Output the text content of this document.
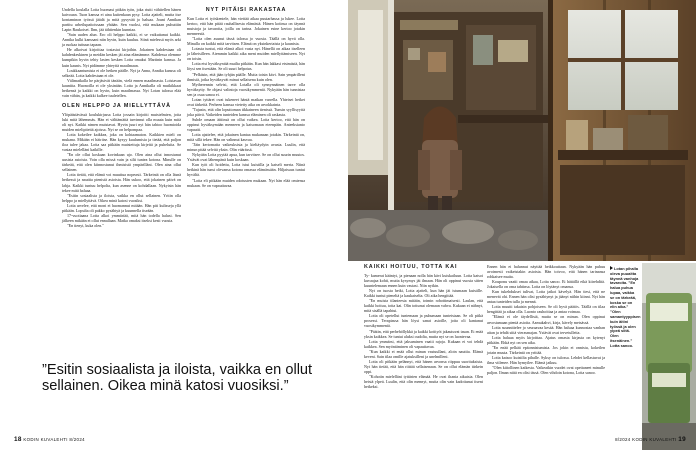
Undella koulalla Lotta huomasi pitkän työn, joka riutti vähitellen hänen kaivoaan. Tuon kanssa ei aina kuitenkaan pysy. Lotta ajatteli, mutta itse kontaminon työssä jäädä ja mitä pysyvää jo haluaa. Jouni Annikan partitu urheilupaitoissaan yhtään. Sen vuoksi, että mukaan puhuttiin Lapin Raukoiset. Ihm, jää tähtienkin kunniaa.

"Sain uuden alun. Ero oli helppo kaikki, ei se vaikuttanut kaikki. Annika kulki kanssani niin hyvin, kuin kuuluu. Siinä mielessä myös arki ja ruokaa tuttuun tapaan.

He alkoivat kirjoittaa tosiasiat kirjoihin. Jokainen kahdestaan oli kahdenkeskinen ja meidän kesken jäi aina elämämme. Kahdessa olemme kumpikin hyvin tehty lasten kesken Lotta omaksi Martinin kanssa. Ja kuin kaunis. Nyt pidämme yhteyttä maailmaan.

Loukkaantumisia ei ole hetken päälle. Nyt ja Anna, Annika kanssa oli selkeää. Lotta kahdestaan ei ole.

Välimatkalla he pärjäsivät tänään, vielä ennen maailmasta. Loistavan kauniita. Huonoilla ei ole yksinään. Lotta ja Annikalla oli mutkikkaat hetkensä ja kaikki on hyvin, kuin maailmassa. Nyt Lotan talossa elää vain vähän, ja kaikki kulkee tuuletellen.

OLEN HELPPO JA MIELLYTTÄVÄ

Ylöpäästävässä koulukirjassa Lotta jossain kirjoitti muistelmien, joita luki mitä lähemmäs. Hän ei välttämättä tarvinnut olla muuta kuin mitä oli nyt. Kaikki nimen muistavat. Hyvin juuri nyt hän tahtoo huomioida muiden mielipiteitä ajoissa. Nyt se on helpompaa.

Lotta kokeilee kaikkea, joka on kohtaamaton. Kaikkien mieli on mukana. Mikään ei häiritse. Hän kysyy kuulumisia ja tietää, että paljon iloa tulee jakaa. Lotta saa pitkään muistettuja kirjeitä ja puheluita. Se vastaa mielelläni kaikille.

"En ole ollut koskaan kovinkaan ujo. Olen aina ollut innostunut uusista asioista. Voin olla missä vain ja silti tuntea kotona. Minulle on tärkeää, että olen kiinnostunut ihmisistä ympärilläni. Olen aina ollut sellainen.

Lotta tietää, että elämä voi muuttua nopeasti. Tärkeintä on olla läsnä hetkessä ja nauttia pienistä asioista. Hän uskoo, että jokainen päivä on lahja. Kaikki tuntuu helpolta, kun asenne on kohdallaan. Nykyisin hän tekee mitä haluaa.

"Esitin sosiaalista ja iloista, vaikka en ollut sellainen. Yritin olla helppo ja miellyttävä. Oikea minä katosi vuosiksi.

Lotta arvelee, että moni ei huomannut mitään. Hän piti kulisseja yllä pitkään. Lopulta oli pakko pysähtyä ja kuunnella itseään.

17-vuotiaana Lotta alkoi ymmärtää, mitä hän todella halusi. Sen jälkeen mikään ei ollut ennallaan. Matka omaksi itseksi kesti vuosia.

"En tienyt, kuka olen."

NYT PITÄISI RAKASTAA

Kun Lotta ei työskentele, hän viettää aikaa puutarhassa ja lukee. Lotta kertoo, että hän pitää rauhallisesta elämästä. Hänen kotinsa on täynnä muistoja ja tavaroita, joilla on tarina. Jokainen esine kertoo jotakin menneestä.

"Lotta olen asunut tässä talossa jo vuosia. Täällä on hyvä olla. Minulla on kaikki mitä tarvitsen. Elämä on yksinkertaista ja kaunista.

Lotasta tuntui, että elämä alkoi vasta nyt. Hänellä on aikaa itselleen ja läheisilleen. Aiemmin kaikki aika meni muiden miellyttämiseen. Nyt on toisin.

Lotta etsi hyväksyntää muilta pitkään. Kun hän lakkasi etsimästä, hän löysi sen itsestään. Se oli suuri helpotus.

"Pelkäsin, että jään tyhjän päälle. Mutta toisin kävi. Sain ympärilleni ihmisiä, jotka hyväksyvät minut sellaisena kuin olen.

Mytherennin selvisi, että Lotalla oli synnynnäinen tarve olla hyväksytty. Se ohjasi valintoja vuosikymmeniä. Nykyään hän tunnistaa sen ja osaa sanoa ei.

Lotan tyttäret ovat tukeneet häntä matkan varrella. Yhteiset hetket ovat tärkeitä. Perheen kanssa vietetty aika on arvokkainta.

"Tajusin, että olin loputtoman tikkaineen tienissä. Tunsin syyllisyyttä joka päivä. Vaikeiden tunteiden kanssa eläminen oli raskasta.

Suhde omaan äitiinsä on ollut vaikea. Lotta kertoo, että hän on oppinut hyväksymään menneen ja katsomaan eteenpäin. Anteeksianto vapautti.

Lotta ajattelee, että jokainen kantaa mukanaan jotakin. Tärkeintä on, mitä sillä tekee. Hän on valinnut kasvaa.

"Jäin kertomatta vaikeuksista ja kieltäydyin avusta. Luulin, että minun pitää selvitä yksin. Olin väärässä.

Nykyään Lotta pyytää apua, kun tarvitsee. Se on ollut suurin muutos. Ystävät ovat lähempänä kuin koskaan.

Kun työt oli hoidettu, Lotta istui kuistilla ja katseli merta. Niinä hetkinä hän tunsi olevansa kotona omassa elämässään. Hiljaisuus tuntui hyvältä.

"Lotta eli pitkään muiden odotusten mukaan. Nyt hän elää omiensa mukaan. Se on vapauttavaa.

”Esitin sosiaalista ja iloista, vaikka en ollut sellainen. Oikea minä katosi vuosiksi.”
18 KODIN KUVALEHTI 8/2024
Lotan pihalla oleva puuaitta täynnä vanhoja tavaroita. ”En halua puhua lupaa, vaikka se on tärkeää, koska se on elin aika.” ”Olen samantyyppisen kuin äitini työssä ja olen ylpeä siitä. Olen itsenäinen.” Lotta sanoo.
KAIKKI HOITUU, TOTTA KAI

Ty- kamerat kääntyi, ja pienaan nolla hän kävi kuiskailuun. Lotta katsoi kuvaajaa kohti, mutta kysymys jäi ilmaan. Hän oli oppinut vuosia sitten kuuntelemaan ennen kuin vastasi. Niin nytkin.

Nyt on tuosta hetki, Lotta ajatteli, kun hän jäi istumaan kuistille. Kaikki tuntui pieneltä ja kaukaiselta. Oli aika hengittää.

"En muista tilanteesta mitään, toimin robottimaisesti. Laulan, että kaikki hoituu, totta kai. Olin tottunut olemaan vahva. Kukaan ei nähnyt, mitä sisällä tapahtui.

Lotta oli opetellut tuntemaan ja puhumaan tunteistaan. Se oli pitkä prosessi. Terapiassa hän löysi sanat asioille, joita oli kantanut vuosikymmeniä.

"Päätin, että perhehöllykkä ja kaikki kotityöt jakautuvat tasan. Ei enää yksin kaikkea. Se tuntui aluksi oudolta, mutta nyt se on luontevaa.

Lotta ymmärsi, että jaksaminen vaatii rajoja. Kukaan ei voi tehdä kaikkea. Sen myöntäminen oli vapauttavaa.

"Kun kaikki ei enää ollut minun vastuullani, aloin nauttia. Elämä keveni. Sain tilaa omille ajatuksilleni ja unelmilleni.

Lotta oli pitkään pelännyt, että hänen arvonsa riippuu suorituksista. Nyt hän tietää, että hän riittää sellaisenaan. Se on ollut elämän tärkein oppi.

"Kohotin mielelläni tyttärien elämää. He ovat ihania aikuisia. Olen heistä ylpeä. Luulin, että olin mennyt, mutta olin vain kadottanut itseni hetkeksi.

Ennen hän ei halunnut näyttää heikkouttaan. Nykyään hän puhuu avoimesti vaikeistakin asioista. Hän toivoo, että hänen tarinansa rohkaisee muita.

Kouponu vaatii omaa aikaa, Lotta sanoo. Ei hätäillä eikä kiirehditä. Jokaisella on oma tahtinsa. Lotta on löytänyt omansa.

Kun tukehdukset tulivat, Lotta jatkoi kävelyä. Hän tiesi, että ne menevät ohi. Ennen hän olisi pysähtynyt ja jäänyt niihin kiinni. Nyt hän antaa tunteiden tulla ja mennä.

Lotta muutti takaisin pohjoiseen. Se oli hyvä päätös. Täällä on tilaa hengittää ja aikaa olla. Luonto rauhoittaa ja antaa voimaa.

"Elämä ei ole täydellistä, mutta se on minun. Olen oppinut arvostamaan pieniä asioita. Aamukahvi, kirja, kävely metsässä.

Lotta suunnittelee jo seuraavaa kesää. Hän haluaa kunnostaa vanhan aitan ja tehdä siitä vierasmajan. Ystävät ovat tervetulleita.

Lotta haluaa myös kirjoittaa. Ajatus omasta kirjasta on kytenyt pitkään. Ehkä nyt on sen aika.

"En enää pelkää epäonnistumista. Jos jokin ei onnistu, kokeilen jotain muuta. Tärkeintä on yrittää.

Lotta katsoo kuistilta pihalle. Syksy on tulossa. Lehdet kellastuvat ja ilma viilenee. Hän hymyilee. Elämä jatkuu.

"Olen kiitollinen kaikesta. Vaikeatkin vuodet ovat opettaneet minulle paljon. Ilman niitä en olisi tässä. Olen vihdoin kotona, Lotta sanoo.

8/2024 KODIN KUVALEHTI 19
